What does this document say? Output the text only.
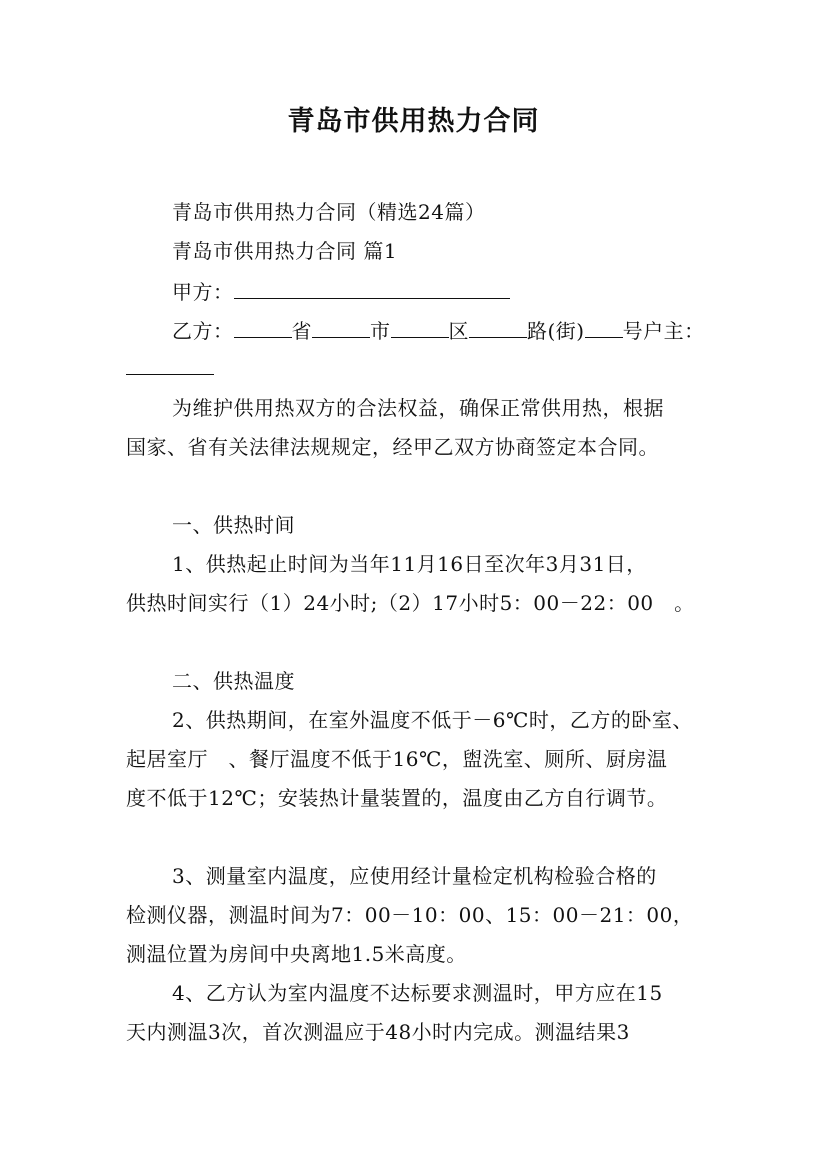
青岛市供用热力合同
青岛市供用热力合同（精选24篇）
青岛市供用热力合同 篇1
甲方：
乙方：	省	市	区	路(街) 号户主：
为维护供用热双方的合法权益，确保正常供用热，根据
国家、省有关法律法规规定，经甲乙双方协商签定本合同。
一、供热时间
1、供热起止时间为当年11月16日至次年3月31日，
供热时间实行（1）24小时;（2）17小时5：00－22：00　。
二、供热温度
2、供热期间，在室外温度不低于－6℃时，乙方的卧室、
起居室厅　、餐厅温度不低于16℃，盥洗室、厕所、厨房温
度不低于12℃；安装热计量装置的，温度由乙方自行调节。
3、测量室内温度，应使用经计量检定机构检验合格的
检测仪器，测温时间为7：00－10：00、15：00－21：00，
测温位置为房间中央离地1.5米高度。
4、乙方认为室内温度不达标要求测温时，甲方应在15
天内测温3次，首次测温应于48小时内完成。测温结果3
